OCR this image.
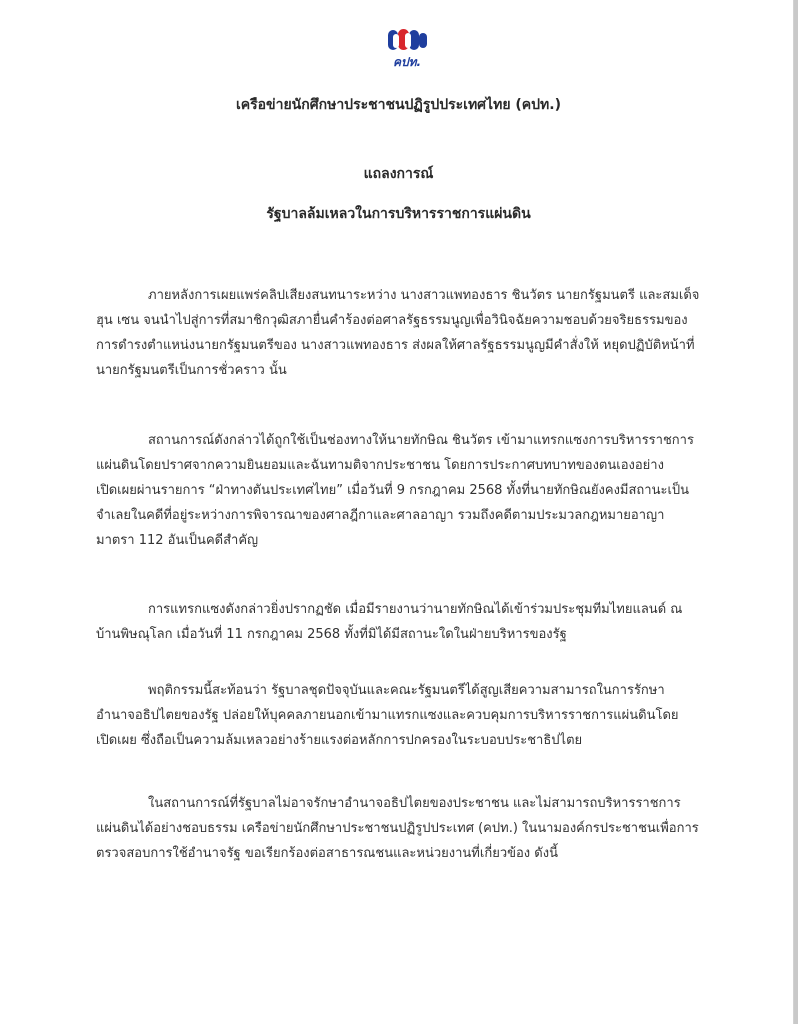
คปท.
เครือข่ายนักศึกษาประชาชนปฏิรูปประเทศไทย (คปท.)
แถลงการณ์
รัฐบาลล้มเหลวในการบริหารราชการแผ่นดิน
ภายหลังการเผยแพร่คลิปเสียงสนทนาระหว่าง นางสาวแพทองธาร ชินวัตร นายกรัฐมนตรี และสมเด็จ
ฮุน เซน จนนำไปสู่การที่สมาชิกวุฒิสภายื่นคำร้องต่อศาลรัฐธรรมนูญเพื่อวินิจฉัยความชอบด้วยจริยธรรมของ
การดำรงตำแหน่งนายกรัฐมนตรีของ นางสาวแพทองธาร ส่งผลให้ศาลรัฐธรรมนูญมีคำสั่งให้ หยุดปฏิบัติหน้าที่
นายกรัฐมนตรีเป็นการชั่วคราว นั้น
สถานการณ์ดังกล่าวได้ถูกใช้เป็นช่องทางให้นายทักษิณ ชินวัตร เข้ามาแทรกแซงการบริหารราชการ
แผ่นดินโดยปราศจากความยินยอมและฉันทามติจากประชาชน โดยการประกาศบทบาทของตนเองอย่าง
เปิดเผยผ่านรายการ “ฝ่าทางตันประเทศไทย” เมื่อวันที่ 9 กรกฎาคม 2568 ทั้งที่นายทักษิณยังคงมีสถานะเป็น
จำเลยในคดีที่อยู่ระหว่างการพิจารณาของศาลฎีกาและศาลอาญา รวมถึงคดีตามประมวลกฎหมายอาญา
มาตรา 112 อันเป็นคดีสำคัญ
การแทรกแซงดังกล่าวยิ่งปรากฏชัด เมื่อมีรายงานว่านายทักษิณได้เข้าร่วมประชุมทีมไทยแลนด์ ณ
บ้านพิษณุโลก เมื่อวันที่ 11 กรกฎาคม 2568 ทั้งที่มิได้มีสถานะใดในฝ่ายบริหารของรัฐ
พฤติกรรมนี้สะท้อนว่า รัฐบาลชุดปัจจุบันและคณะรัฐมนตรีได้สูญเสียความสามารถในการรักษา
อำนาจอธิปไตยของรัฐ ปล่อยให้บุคคลภายนอกเข้ามาแทรกแซงและควบคุมการบริหารราชการแผ่นดินโดย
เปิดเผย ซึ่งถือเป็นความล้มเหลวอย่างร้ายแรงต่อหลักการปกครองในระบอบประชาธิปไตย
ในสถานการณ์ที่รัฐบาลไม่อาจรักษาอำนาจอธิปไตยของประชาชน และไม่สามารถบริหารราชการ
แผ่นดินได้อย่างชอบธรรม เครือข่ายนักศึกษาประชาชนปฏิรูปประเทศ (คปท.) ในนามองค์กรประชาชนเพื่อการ
ตรวจสอบการใช้อำนาจรัฐ ขอเรียกร้องต่อสาธารณชนและหน่วยงานที่เกี่ยวข้อง ดังนี้
